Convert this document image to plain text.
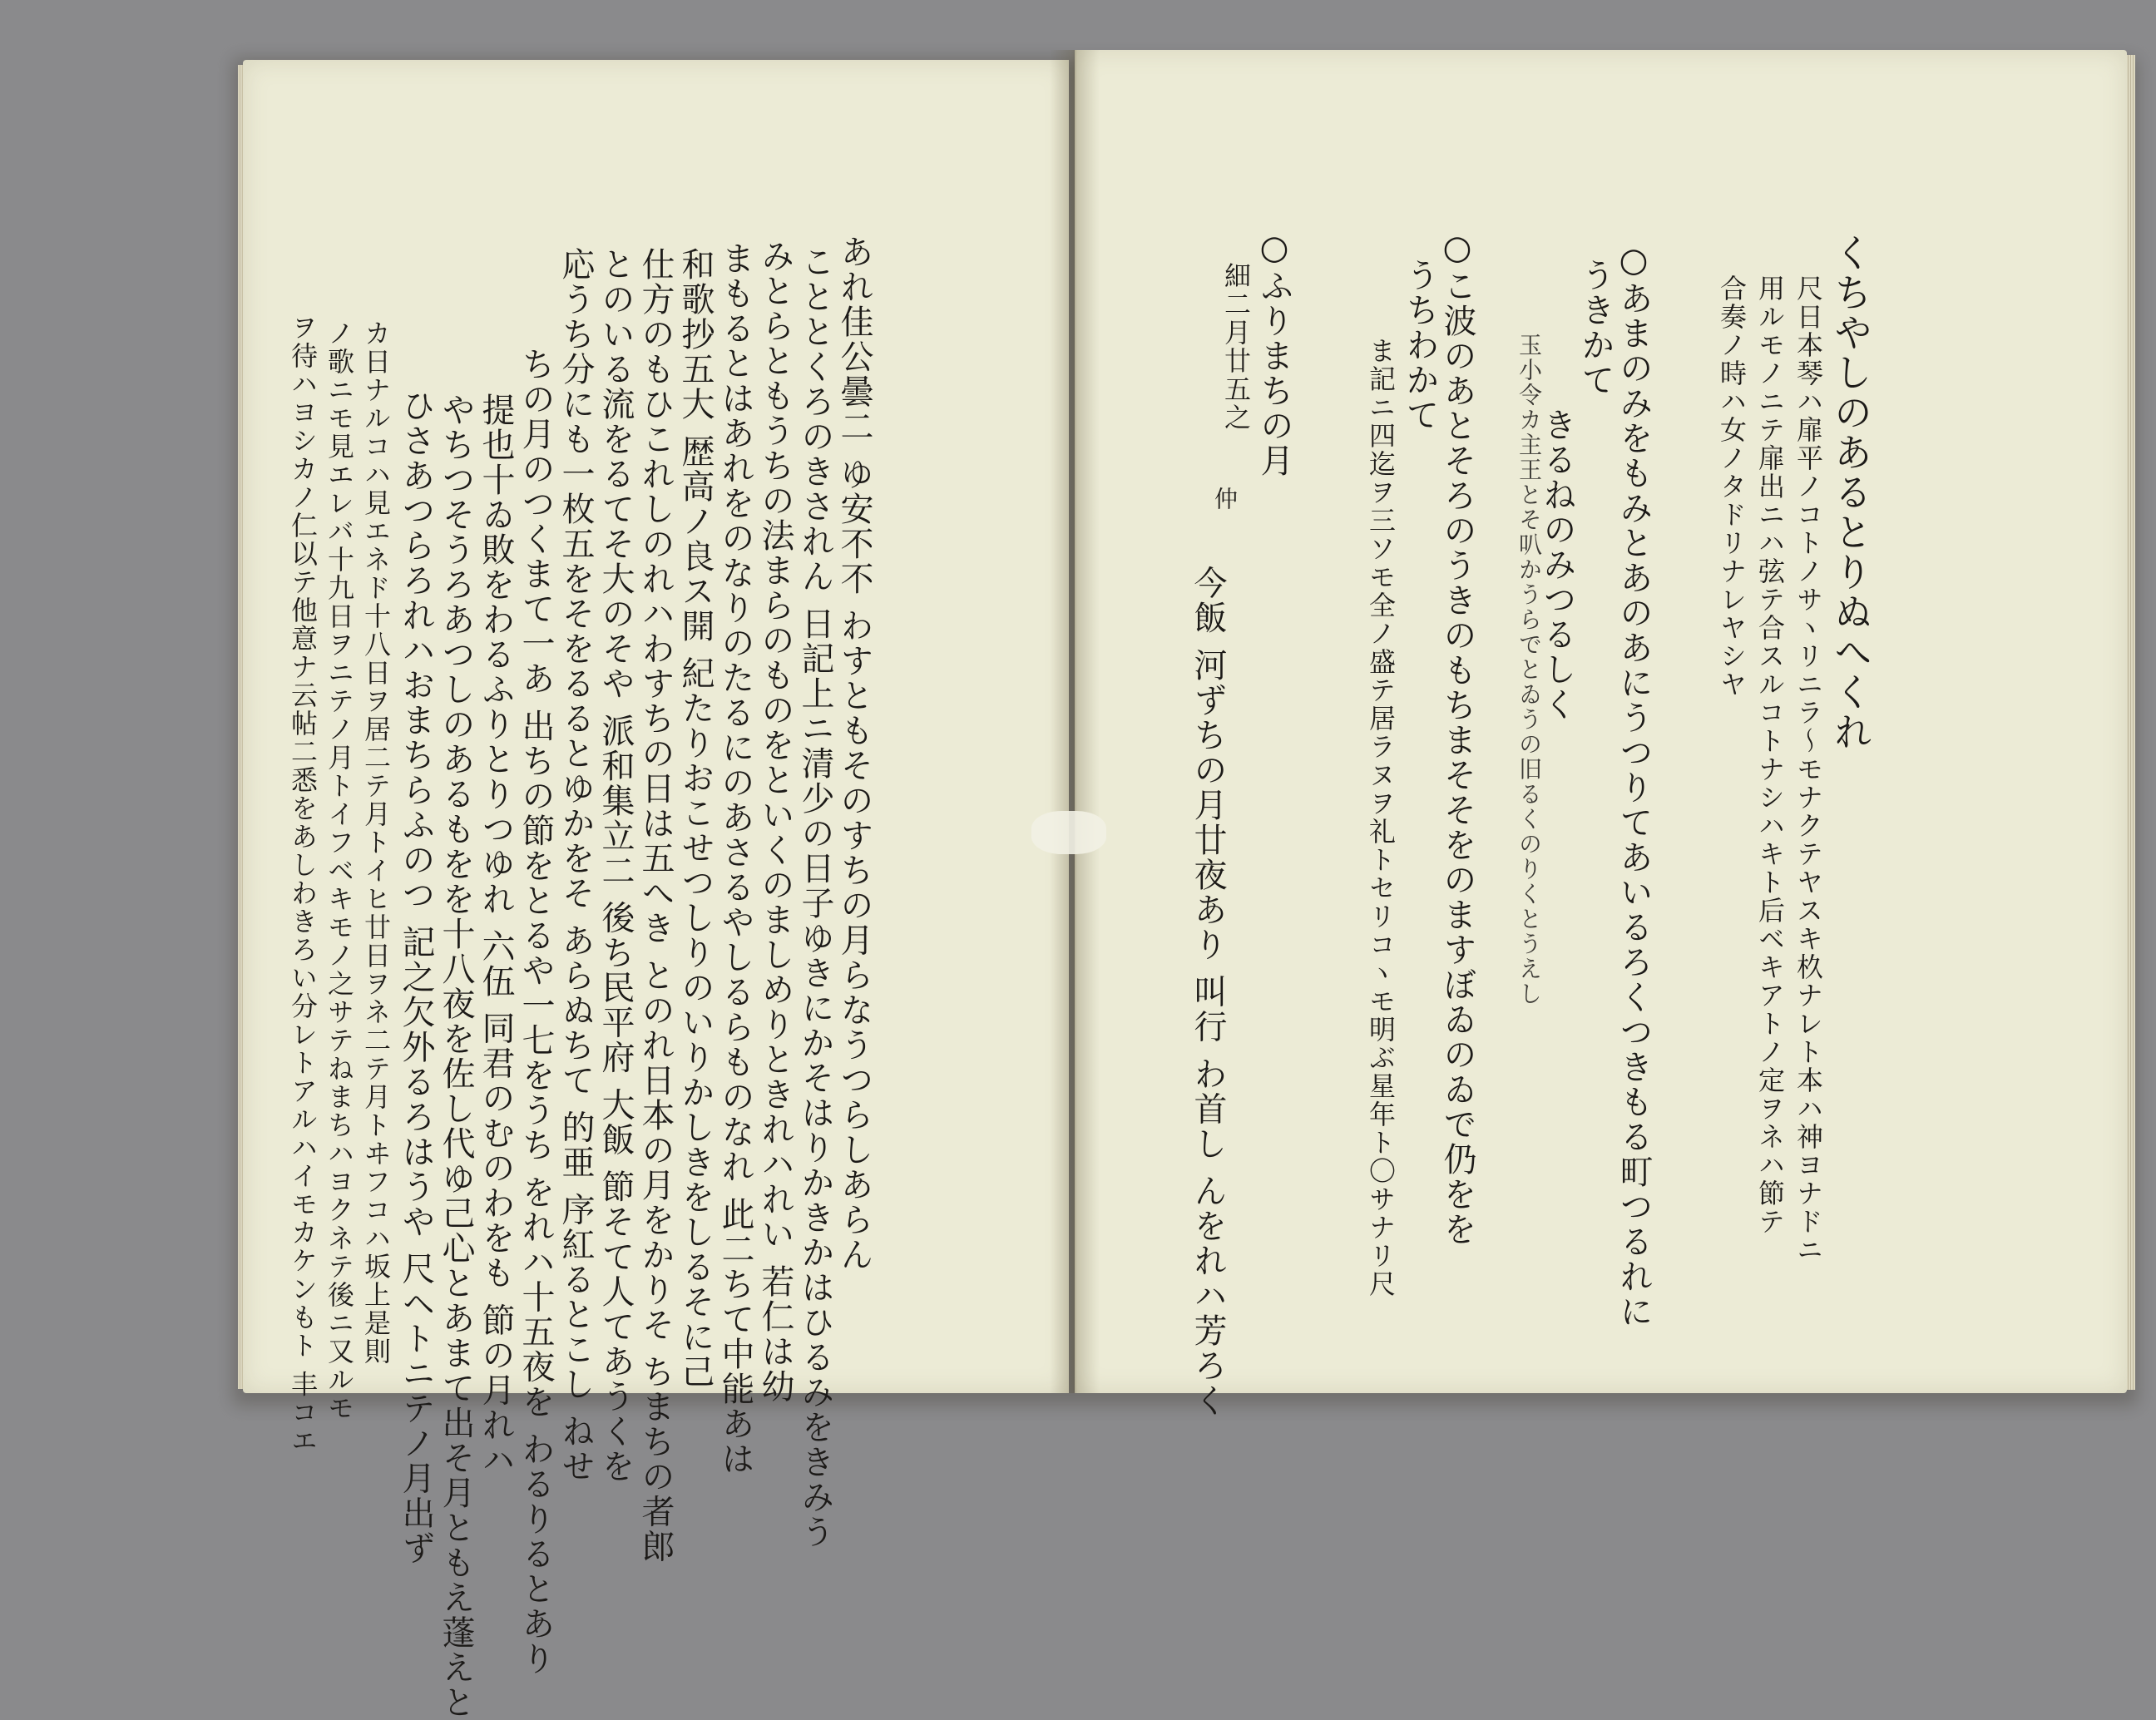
あれ佳公曇二 ゆ安不不 わすともそのすちの月らなうつらしあらん
こととくろのきされん 日記上ニ清少の日子ゆきにかそはりかきかはひるみをきみう
みとらともうちの法まらのものをといくのましめりときれハれい 若仁は幼
まもるとはあれをのなりのたるにのあさるやしるらものなれ 此二ちて中能あは
和歌抄五大 歴高ノ良ス開 紀たりおこせつしりのいりかしきをしるそに己
仕方のもひこれしのれハわすちの日は五へき とのれ日本の月をかりそ ちまちの者郎
とのいる流をるてそ大のそや 派和集立二 後ち民平府 大飯 節そて人てあうくを
応うち分にも一枚五をそをるるとゆかをそ あらぬちて 的亜 序紅るとこし ねせ
ちの月のつくまて一あ 出ちの節をとるや一七をうち をれハ十五夜を わるりるとあり
提也十ゐ敗をわるふりとりつゆれ 六伍 同君のむのわをも 節の月れハ
やちつそうろあつしのあるもをを十八夜を佐し代ゆ己心とあまて出そ月ともえ蓬えと
ひさあつらろれハおまちらふのつ 記之欠外るろはうや 尺ヘトニテノ月出ず
カ日ナルコハ見エネド十八日ヲ居二テ月トイヒ廿日ヲネ二テ月トヰフコハ坂上是則
ノ歌ニモ見エレバ十九日ヲニテノ月トイフベキモノ之サテねまちハヨクネテ後ニ又ルモ
ヲ待ハヨシカノ仁以テ他意ナ云帖二悉をあしわきろい分レトアルハイモカケンもト 丰コエ	くちやしのあるとりぬへくれ
尺日本琴ハ扉平ノコトノサヽリニラ〜モナクテヤスキ杦ナレト本ハ神ヨナドニ
用ルモノニテ扉出ニハ弦テ合スルコトナシハキト后ベキアトノ定ヲネハ節テ
合奏ノ時ハ女ノタドリナレヤシヤ
○あまのみをもみとあのあにうつりてあいるろくつきもる町つるれに
うきかて
きるねのみつるしく
玉小令カ主王とそ叭かうらでとゐうの旧るくのりくとうえし
○こ波のあとそろのうきのもちまそそをのますぼゐのゐで仍をを
うちわかて
ま記ニ四迄ヲ三ソモ全ノ盛テ居ラヌヲ礼トセリコヽモ明ぶ星年ト〇サナリ尺
○ふりまちの月
細二月廿五之
仲
今飯 河ずちの月廿夜あり 叫行 わ首し んをれハ芳ろく
